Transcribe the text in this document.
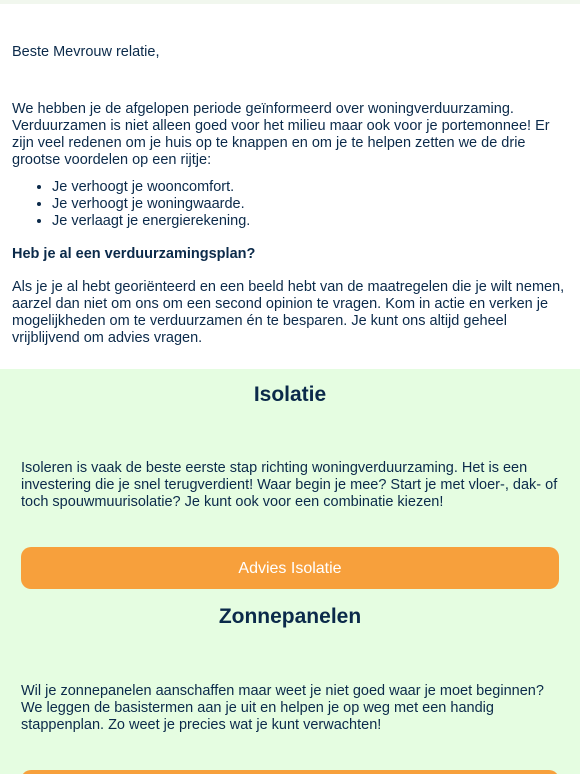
Beste Mevrouw relatie,

We hebben je de afgelopen periode geïnformeerd over woningverduurzaming. Verduurzamen is niet alleen goed voor het milieu maar ook voor je portemonnee! Er zijn veel redenen om je huis op te knappen en om je te helpen zetten we de drie grootse voordelen op een rijtje:

• Je verhoogt je wooncomfort.
• Je verhoogt je woningwaarde.
• Je verlaagt je energierekening.

Heb je al een verduurzamingsplan?

Als je je al hebt georiënteerd en een beeld hebt van de maatregelen die je wilt nemen, aarzel dan niet om ons om een second opinion te vragen. Kom in actie en verken je mogelijkheden om te verduurzamen én te besparen. Je kunt ons altijd geheel vrijblijvend om advies vragen.

Isolatie

Isoleren is vaak de beste eerste stap richting woningverduurzaming. Het is een investering die je snel terugverdient! Waar begin je mee? Start je met vloer-, dak- of toch spouwmuurisolatie? Je kunt ook voor een combinatie kiezen!

Advies Isolatie
Zonnepanelen

Wil je zonnepanelen aanschaffen maar weet je niet goed waar je moet beginnen? We leggen de basistermen aan je uit en helpen je op weg met een handig stappenplan. Zo weet je precies wat je kunt verwachten!
